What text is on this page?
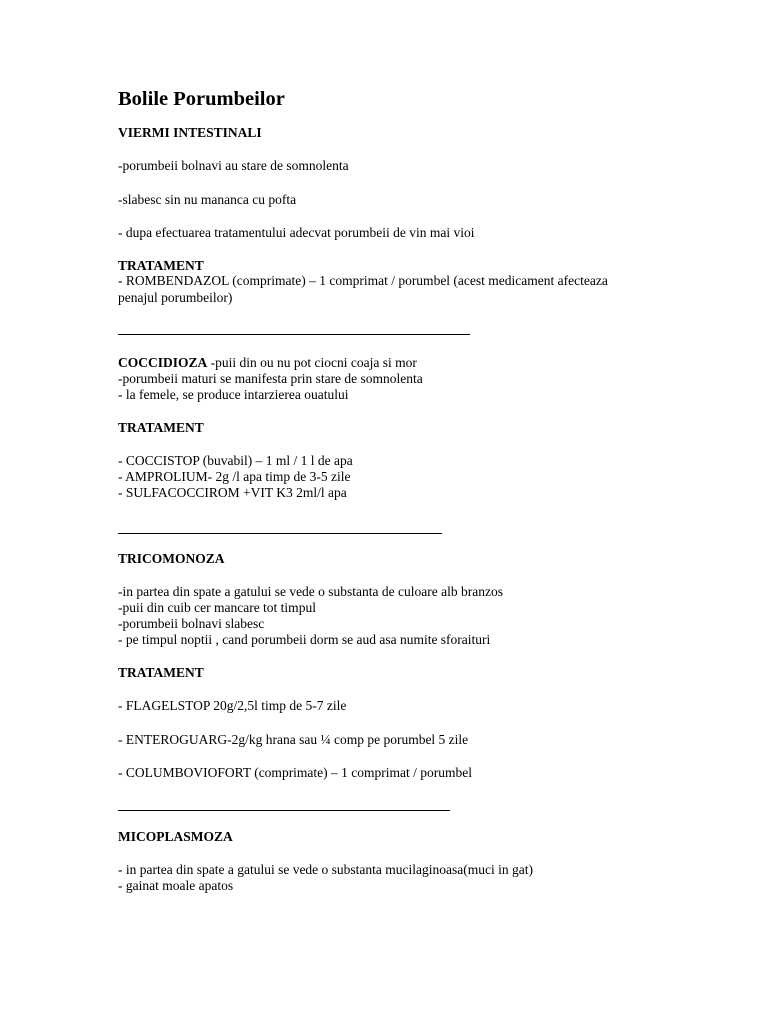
Bolile Porumbeilor
VIERMI INTESTINALI
-porumbeii bolnavi au stare de somnolenta
-slabesc sin nu mananca cu pofta
- dupa efectuarea tratamentului adecvat porumbeii de vin mai vioi
TRATAMENT
- ROMBENDAZOL (comprimate) – 1 comprimat / porumbel (acest medicament afecteaza
penajul porumbeilor)
COCCIDIOZA -puii din ou nu pot ciocni coaja si mor
-porumbeii maturi se manifesta prin stare de somnolenta
- la femele, se produce intarzierea ouatului
TRATAMENT
- COCCISTOP (buvabil) – 1 ml / 1 l de apa
- AMPROLIUM- 2g /l apa timp de 3-5 zile
- SULFACOCCIROM +VIT K3 2ml/l apa
TRICOMONOZA
-in partea din spate a gatului se vede o substanta de culoare alb branzos
-puii din cuib cer mancare tot timpul
-porumbeii bolnavi slabesc
- pe timpul noptii , cand porumbeii dorm se aud asa numite sforaituri
TRATAMENT
- FLAGELSTOP 20g/2,5l timp de 5-7 zile
- ENTEROGUARG-2g/kg hrana sau ¼ comp pe porumbel 5 zile
- COLUMBOVIOFORT (comprimate) – 1 comprimat / porumbel
MICOPLASMOZA
- in partea din spate a gatului se vede o substanta mucilaginoasa(muci in gat)
- gainat moale apatos
